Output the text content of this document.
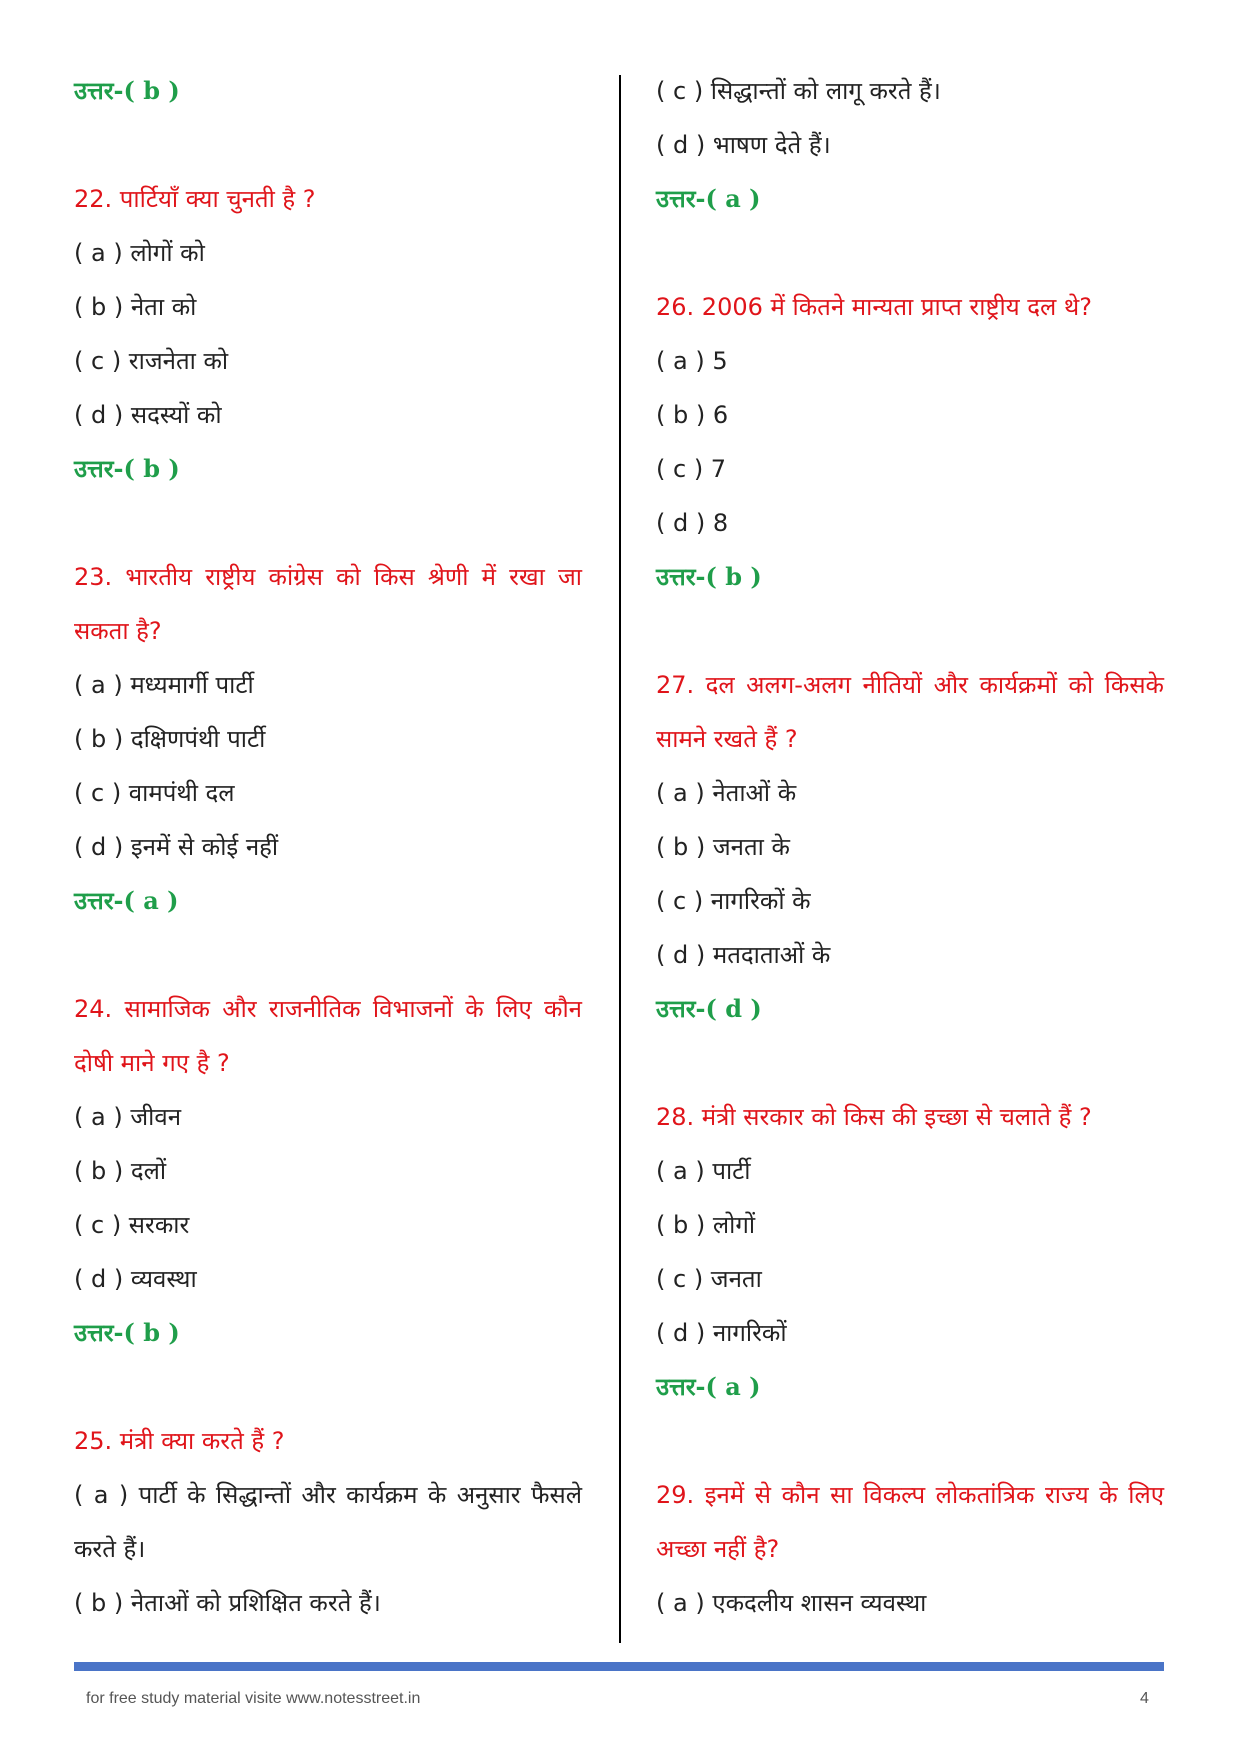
उत्तर-( b )
22. पार्टियाँ क्या चुनती है ?
( a ) लोगों को
( b ) नेता को
( c ) राजनेता को
( d ) सदस्यों को
उत्तर-( b )
23. भारतीय राष्ट्रीय कांग्रेस को किस श्रेणी में रखा जा सकता है?
( a ) मध्यमार्गी पार्टी
( b ) दक्षिणपंथी पार्टी
( c ) वामपंथी दल
( d ) इनमें से कोई नहीं
उत्तर-( a )
24. सामाजिक और राजनीतिक विभाजनों के लिए कौन दोषी माने गए है ?
( a ) जीवन
( b ) दलों
( c ) सरकार
( d ) व्यवस्था
उत्तर-( b )
25. मंत्री क्या करते हैं ?
( a ) पार्टी के सिद्धान्तों और कार्यक्रम के अनुसार फैसले करते हैं।
( b ) नेताओं को प्रशिक्षित करते हैं।
( c ) सिद्धान्तों को लागू करते हैं।
( d ) भाषण देते हैं।
उत्तर-( a )
26. 2006 में कितने मान्यता प्राप्त राष्ट्रीय दल थे?
( a ) 5
( b ) 6
( c ) 7
( d ) 8
उत्तर-( b )
27. दल अलग-अलग नीतियों और कार्यक्रमों को किसके सामने रखते हैं ?
( a ) नेताओं के
( b ) जनता के
( c ) नागरिकों के
( d ) मतदाताओं के
उत्तर-( d )
28. मंत्री सरकार को किस की इच्छा से चलाते हैं ?
( a ) पार्टी
( b ) लोगों
( c ) जनता
( d ) नागरिकों
उत्तर-( a )
29. इनमें से कौन सा विकल्प लोकतांत्रिक राज्य के लिए अच्छा नहीं है?
( a ) एकदलीय शासन व्यवस्था
for free study material visite www.notesstreet.in	4
